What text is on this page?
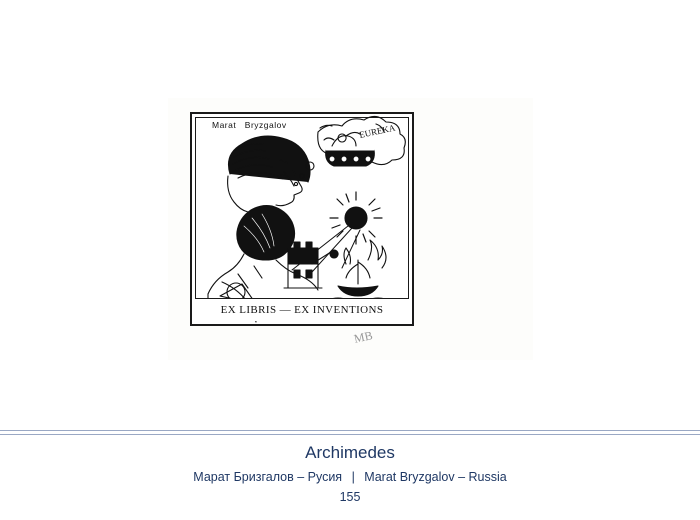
Marat   Bryzgalov	EUREKA
EX LIBRIS — EX INVENTIONS
MB
Archimedes
Марат Бризгалов – Русия | Marat Bryzgalov – Russia
155
